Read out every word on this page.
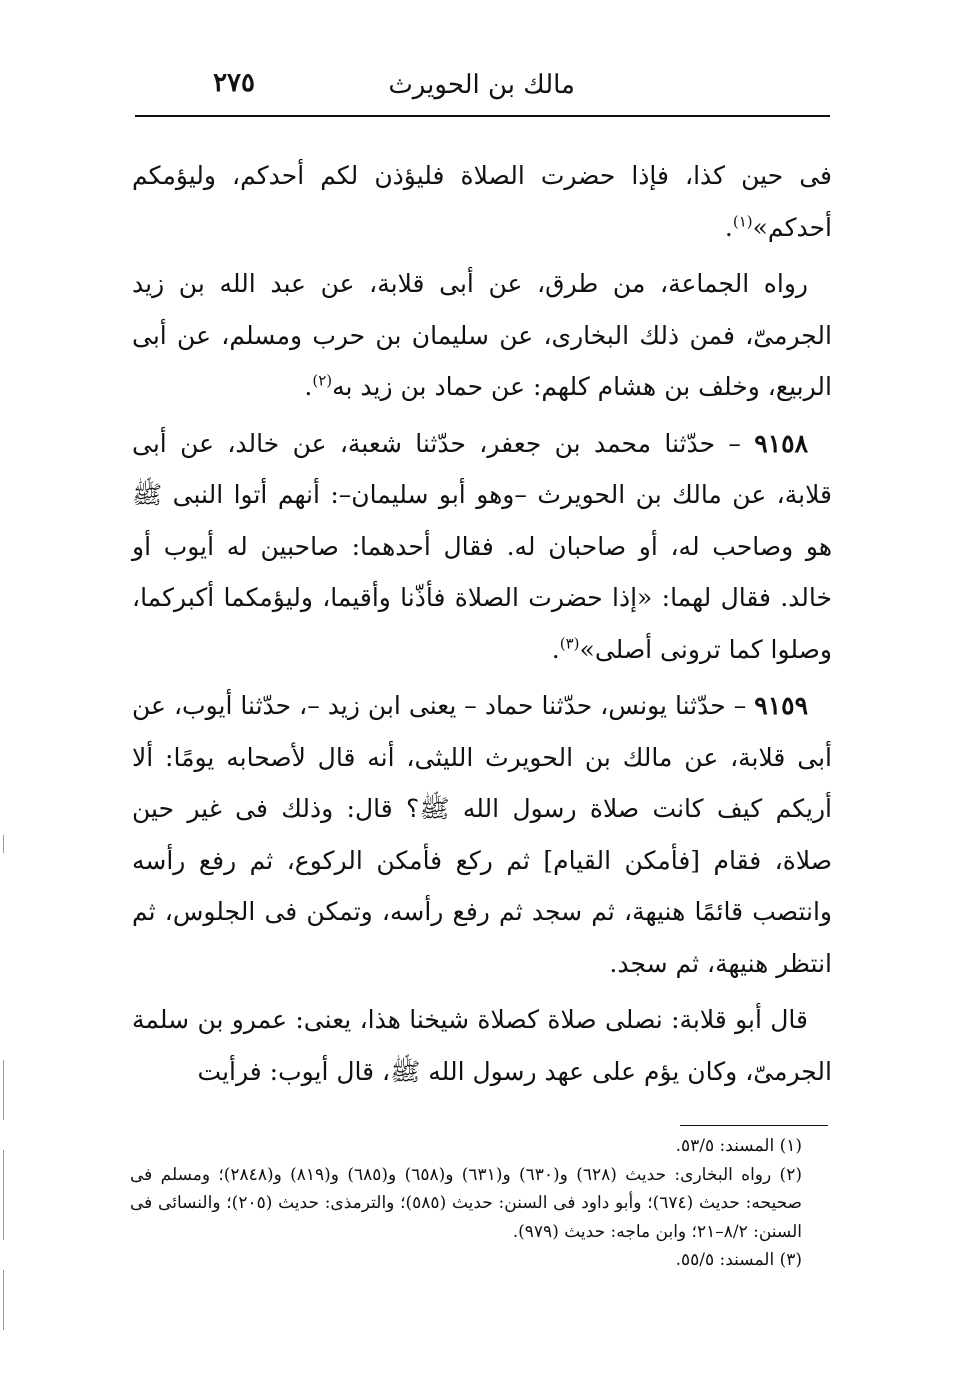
مالك بن الحويرث
٢٧٥

فى حين كذا، فإذا حضرت الصلاة فليؤذن لكم أحدكم، وليؤمكم أحدكم»$^{(١)}$.

رواه الجماعة، من طرق، عن أبى قلابة، عن عبد الله بن زيد الجرمىّ، فمن ذلك البخارى، عن سليمان بن حرب ومسلم، عن أبى الربيع، وخلف بن هشام كلهم: عن حماد بن زيد به$^{(٢)}$.

٩١٥٨ – حدّثنا محمد بن جعفر، حدّثنا شعبة، عن خالد، عن أبى قلابة، عن مالك بن الحويرث –وهو أبو سليمان–: أنهم أتوا النبى ﷺ هو وصاحب له، أو صاحبان له. فقال أحدهما: صاحبين له أيوب أو خالد. فقال لهما: «إذا حضرت الصلاة فأذّنا وأقيما، وليؤمكما أكبركما، وصلوا كما ترونى أصلى»$^{(٣)}$.

٩١٥٩ – حدّثنا يونس، حدّثنا حماد – يعنى ابن زيد –، حدّثنا أيوب، عن أبى قلابة، عن مالك بن الحويرث الليثى، أنه قال لأصحابه يومًا: ألا أريكم كيف كانت صلاة رسول الله ﷺ؟ قال: وذلك فى غير حين صلاة، فقام [فأمكن القيام] ثم ركع فأمكن الركوع، ثم رفع رأسه وانتصب قائمًا هنيهة، ثم سجد ثم رفع رأسه، وتمكن فى الجلوس، ثم انتظر هنيهة، ثم سجد.

قال أبو قلابة: نصلى صلاة كصلاة شيخنا هذا، يعنى: عمرو بن سلمة الجرمىّ، وكان يؤم على عهد رسول الله ﷺ، قال أيوب: فرأيت

(١) المسند: ٥٣/٥.

(٢) رواه البخارى: حديث (٦٢٨) و(٦٣٠) و(٦٣١) و(٦٥٨) و(٦٨٥) و(٨١٩) و(٢٨٤٨)؛ ومسلم فى صحيحه: حديث (٦٧٤)؛ وأبو داود فى السنن: حديث (٥٨٥)؛ والترمذى: حديث (٢٠٥)؛ والنسائى فى السنن: ٨/٢–٢١؛ وابن ماجه: حديث (٩٧٩).

(٣) المسند: ٥٥/٥.
